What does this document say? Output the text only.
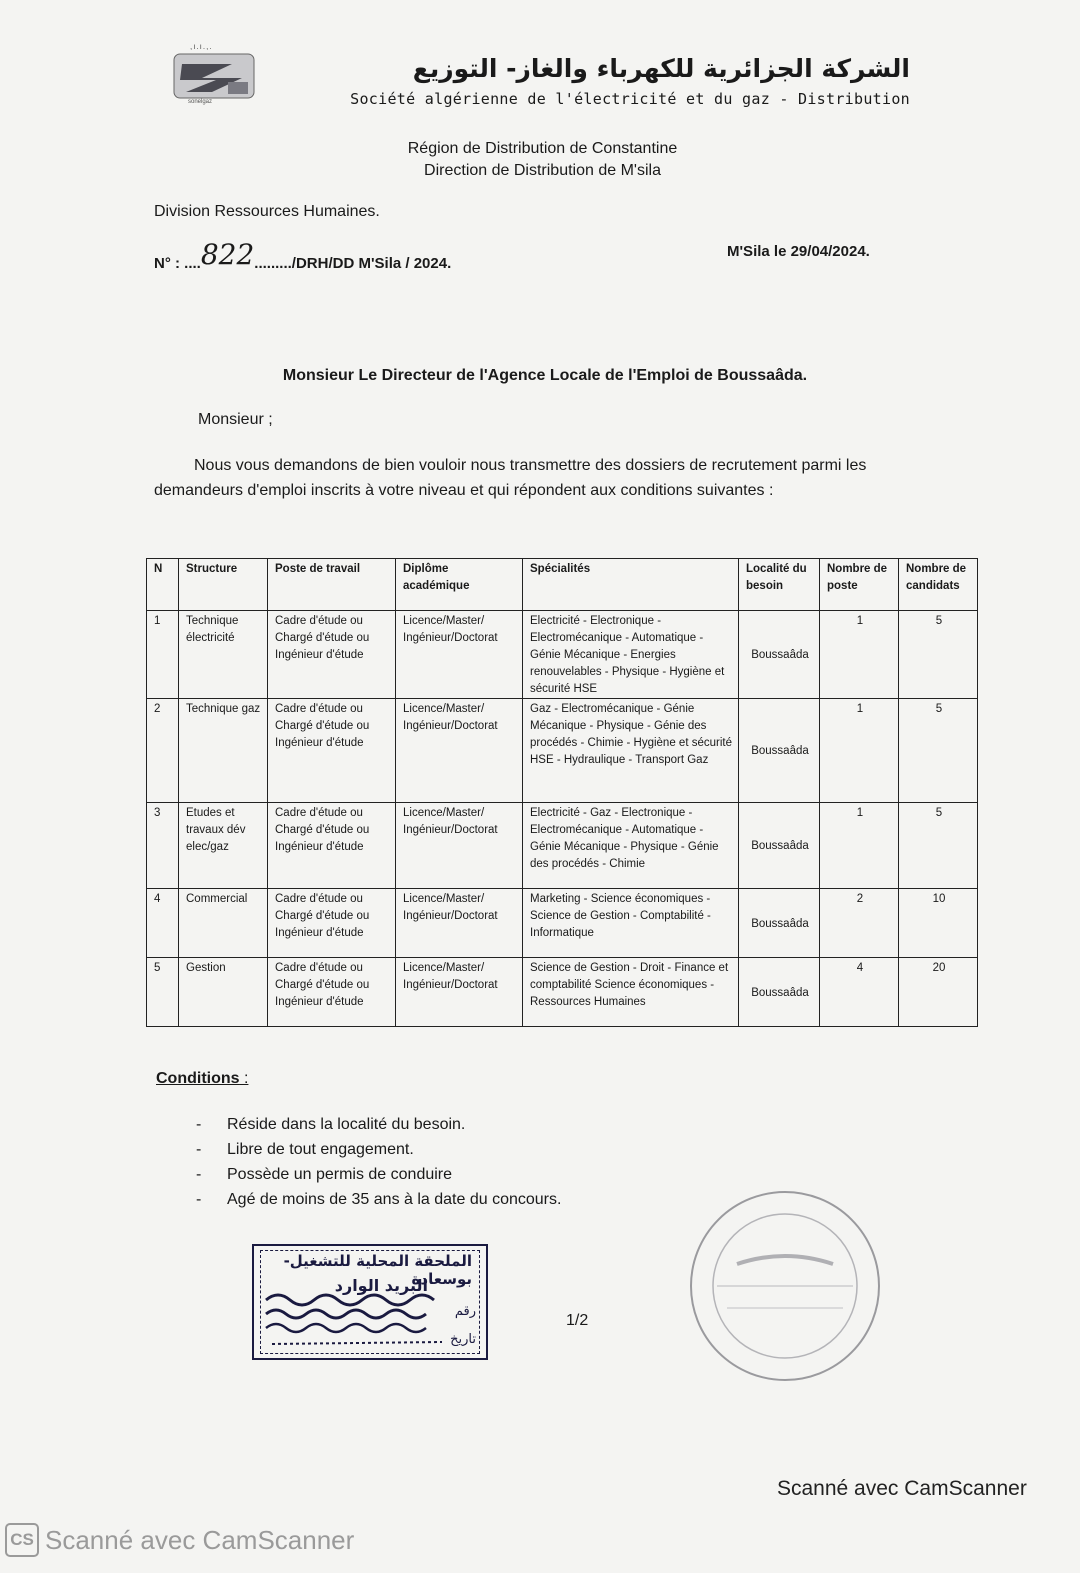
,ı.ı.,.
sonelgaz
الشركة الجزائرية للكهرباء والغاز- التوزيع
Société algérienne de l'électricité et du gaz - Distribution
Région de Distribution de Constantine
Direction de Distribution de M'sila
Division Ressources Humaines.
N° : ....822........./DRH/DD M'Sila / 2024.
M'Sila le 29/04/2024.
Monsieur Le Directeur de l'Agence Locale de l'Emploi de Boussaâda.
Monsieur ;
Nous vous demandons de bien vouloir nous transmettre des dossiers de recrutement parmi les demandeurs d'emploi inscrits à votre niveau et qui répondent aux conditions suivantes :
N	Structure	Poste de travail	Diplôme académique	Spécialités	Localité du besoin	Nombre de poste	Nombre de candidats
1	Technique électricité	Cadre d'étude ou Chargé d'étude ou Ingénieur d'étude	Licence/Master/ Ingénieur/Doctorat	Electricité - Electronique - Electromécanique - Automatique - Génie Mécanique - Energies renouvelables - Physique - Hygiène et sécurité HSE	Boussaâda	1	5
2	Technique gaz	Cadre d'étude ou Chargé d'étude ou Ingénieur d'étude	Licence/Master/ Ingénieur/Doctorat	Gaz - Electromécanique - Génie Mécanique - Physique - Génie des procédés - Chimie - Hygiène et sécurité HSE - Hydraulique - Transport Gaz	Boussaâda	1	5
3	Etudes et travaux dév elec/gaz	Cadre d'étude ou Chargé d'étude ou Ingénieur d'étude	Licence/Master/ Ingénieur/Doctorat	Electricité - Gaz - Electronique - Electromécanique - Automatique - Génie Mécanique - Physique - Génie des procédés - Chimie	Boussaâda	1	5
4	Commercial	Cadre d'étude ou Chargé d'étude ou Ingénieur d'étude	Licence/Master/ Ingénieur/Doctorat	Marketing - Science économiques - Science de Gestion - Comptabilité - Informatique	Boussaâda	2	10
5	Gestion	Cadre d'étude ou Chargé d'étude ou Ingénieur d'étude	Licence/Master/ Ingénieur/Doctorat	Science de Gestion - Droit - Finance et comptabilité Science économiques - Ressources Humaines	Boussaâda	4	20
Conditions :
- Réside dans la localité du besoin.
- Libre de tout engagement.
- Possède un permis de conduire
- Agé de moins de 35 ans à la date du concours.
الملحقة المحلية للتشغيل-بوسعادة
البريد الوارد
رقم
تاريخ
1/2
Scanné avec CamScanner
CS Scanné avec CamScanner
